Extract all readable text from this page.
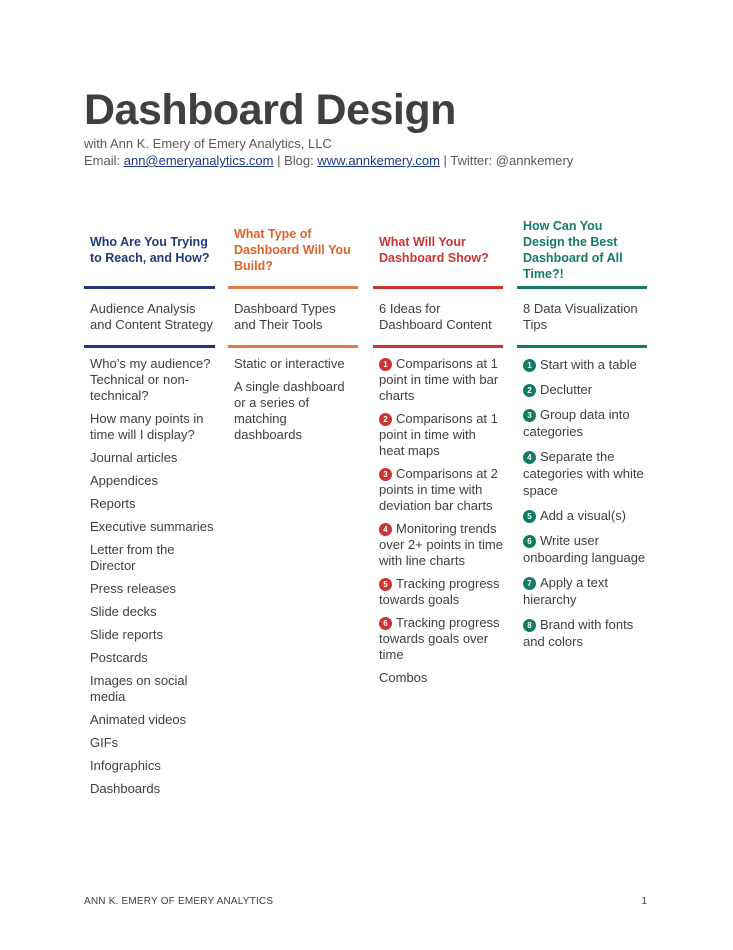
Dashboard Design
with Ann K. Emery of Emery Analytics, LLC
Email: ann@emeryanalytics.com | Blog: www.annkemery.com | Twitter: @annkemery
Who Are You Trying to Reach, and How?
Audience Analysis and Content Strategy
Who’s my audience? Technical or non-technical?
How many points in time will I display?
Journal articles
Appendices
Reports
Executive summaries
Letter from the Director
Press releases
Slide decks
Slide reports
Postcards
Images on social media
Animated videos
GIFs
Infographics
Dashboards
What Type of Dashboard Will You Build?
Dashboard Types and Their Tools
Static or interactive
A single dashboard or a series of matching dashboards
What Will Your Dashboard Show?
6 Ideas for Dashboard Content
1 Comparisons at 1 point in time with bar charts
2 Comparisons at 1 point in time with heat maps
3 Comparisons at 2 points in time with deviation bar charts
4 Monitoring trends over 2+ points in time with line charts
5 Tracking progress towards goals
6 Tracking progress towards goals over time
Combos
How Can You Design the Best Dashboard of All Time?!
8 Data Visualization Tips
1 Start with a table
2 Declutter
3 Group data into categories
4 Separate the categories with white space
5 Add a visual(s)
6 Write user onboarding language
7 Apply a text hierarchy
8 Brand with fonts and colors
ANN K. EMERY OF EMERY ANALYTICS	1
